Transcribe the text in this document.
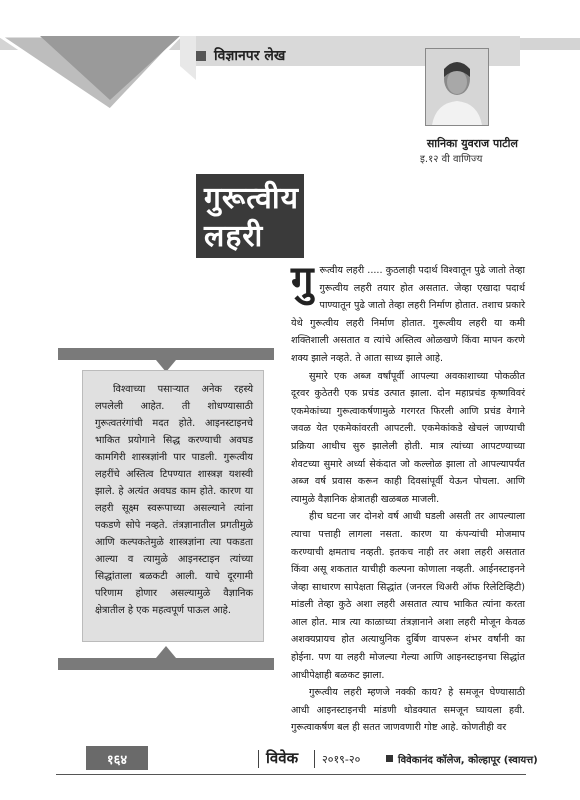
विज्ञानपर लेख
सानिका युवराज पाटील
इ.१२ वी वाणिज्य
गुरूत्वीय
लहरी

गुरूत्वीय लहरी ..... कुठलाही पदार्थ विश्वातून पुढे जातो तेव्हा गुरूत्वीय लहरी तयार होत असतात. जेव्हा एखादा पदार्थ पाण्यातून पुढे जातो तेव्हा लहरी निर्माण होतात. तशाच प्रकारे येथे गुरूत्वीय लहरी निर्माण होतात. गुरूत्वीय लहरी या कमी शक्तिशाली असतात व त्यांचे अस्तित्व ओळखणे किंवा मापन करणे शक्य झाले नव्हते. ते आता साध्य झाले आहे.

सुमारे एक अब्ज वर्षांपूर्वी आपल्या अवकाशाच्या पोकळीत दूरवर कुठेतरी एक प्रचंड उत्पात झाला. दोन महाप्रचंड कृष्णविवरं एकमेकांच्या गुरूत्वाकर्षणामुळे गरगरत फिरली आणि प्रचंड वेगाने जवळ येत एकमेकांवरती आपटली. एकमेकांकडे खेचलं जाण्याची प्रक्रिया आधीच सुरु झालेली होती. मात्र त्यांच्या आपटण्याच्या शेवटच्या सुमारे अर्ध्या सेकंदात जो कल्लोळ झाला तो आपल्यापर्यंत अब्ज वर्ष प्रवास करून काही दिवसांपूर्वी येऊन पोचला. आणि त्यामुळे वैज्ञानिक क्षेत्रातही खळबळ माजली.

हीच घटना जर दोनशे वर्ष आधी घडली असती तर आपल्याला त्याचा पत्ताही लागला नसता. कारण या कंपन्यांची मोजमाप करण्याची क्षमताच नव्हती. इतकच नाही तर अशा लहरी असतात किंवा असू शकतात याचीही कल्पना कोणाला नव्हती. आईनस्टाइनने जेव्हा साधारण सापेक्षता सिद्धांत (जनरल थिअरी ऑफ रिलेटिव्हिटी) मांडली तेव्हा कुठे अशा लहरी असतात त्याच भाकित त्यांना करता आल होत. मात्र त्या काळाच्या तंत्रज्ञानाने अशा लहरी मोजून केवळ अशक्यप्रायच होत अत्याधुनिक दुर्बिण वापरून शंभर वर्षांनी का होईना. पण या लहरी मोजल्या गेल्या आणि आइनस्टाइनचा सिद्धांत आधीपेक्षाही बळकट झाला.

गुरूत्वीय लहरी म्हणजे नक्की काय? हे समजून घेण्यासाठी आधी आइनस्टाइनची मांडणी थोडक्यात समजून घ्यायला हवी. गुरूत्वाकर्षण बल ही सतत जाणवणारी गोष्ट आहे. कोणतीही वर

विश्वाच्या पसाऱ्यात अनेक रहस्ये लपलेली आहेत. ती शोधण्यासाठी गुरूत्वतरंगांची मदत होते. आइनस्टाइनचे भाकित प्रयोगाने सिद्ध करण्याची अवघड कामगिरी शास्त्रज्ञांनी पार पाडली. गुरूत्वीय लहरींचे अस्तित्व टिपण्यात शास्त्रज्ञ यशस्वी झाले. हे अत्यंत अवघड काम होते. कारण या लहरी सूक्ष्म स्वरूपाच्या असल्याने त्यांना पकडणे सोपे नव्हते. तंत्रज्ञानातील प्रगतीमुळे आणि कल्पकतेमुळे शास्त्रज्ञांना त्या पकडता आल्या व त्यामुळे आइनस्टाइन त्यांच्या सिद्धांताला बळकटी आली. याचे दूरगामी परिणाम होणार असल्यामुळे वैज्ञानिक क्षेत्रातील हे एक महत्वपूर्ण पाऊल आहे.

१६४	विवेक २०१९-२०	विवेकानंद कॉलेज, कोल्हापूर (स्वायत्त)
